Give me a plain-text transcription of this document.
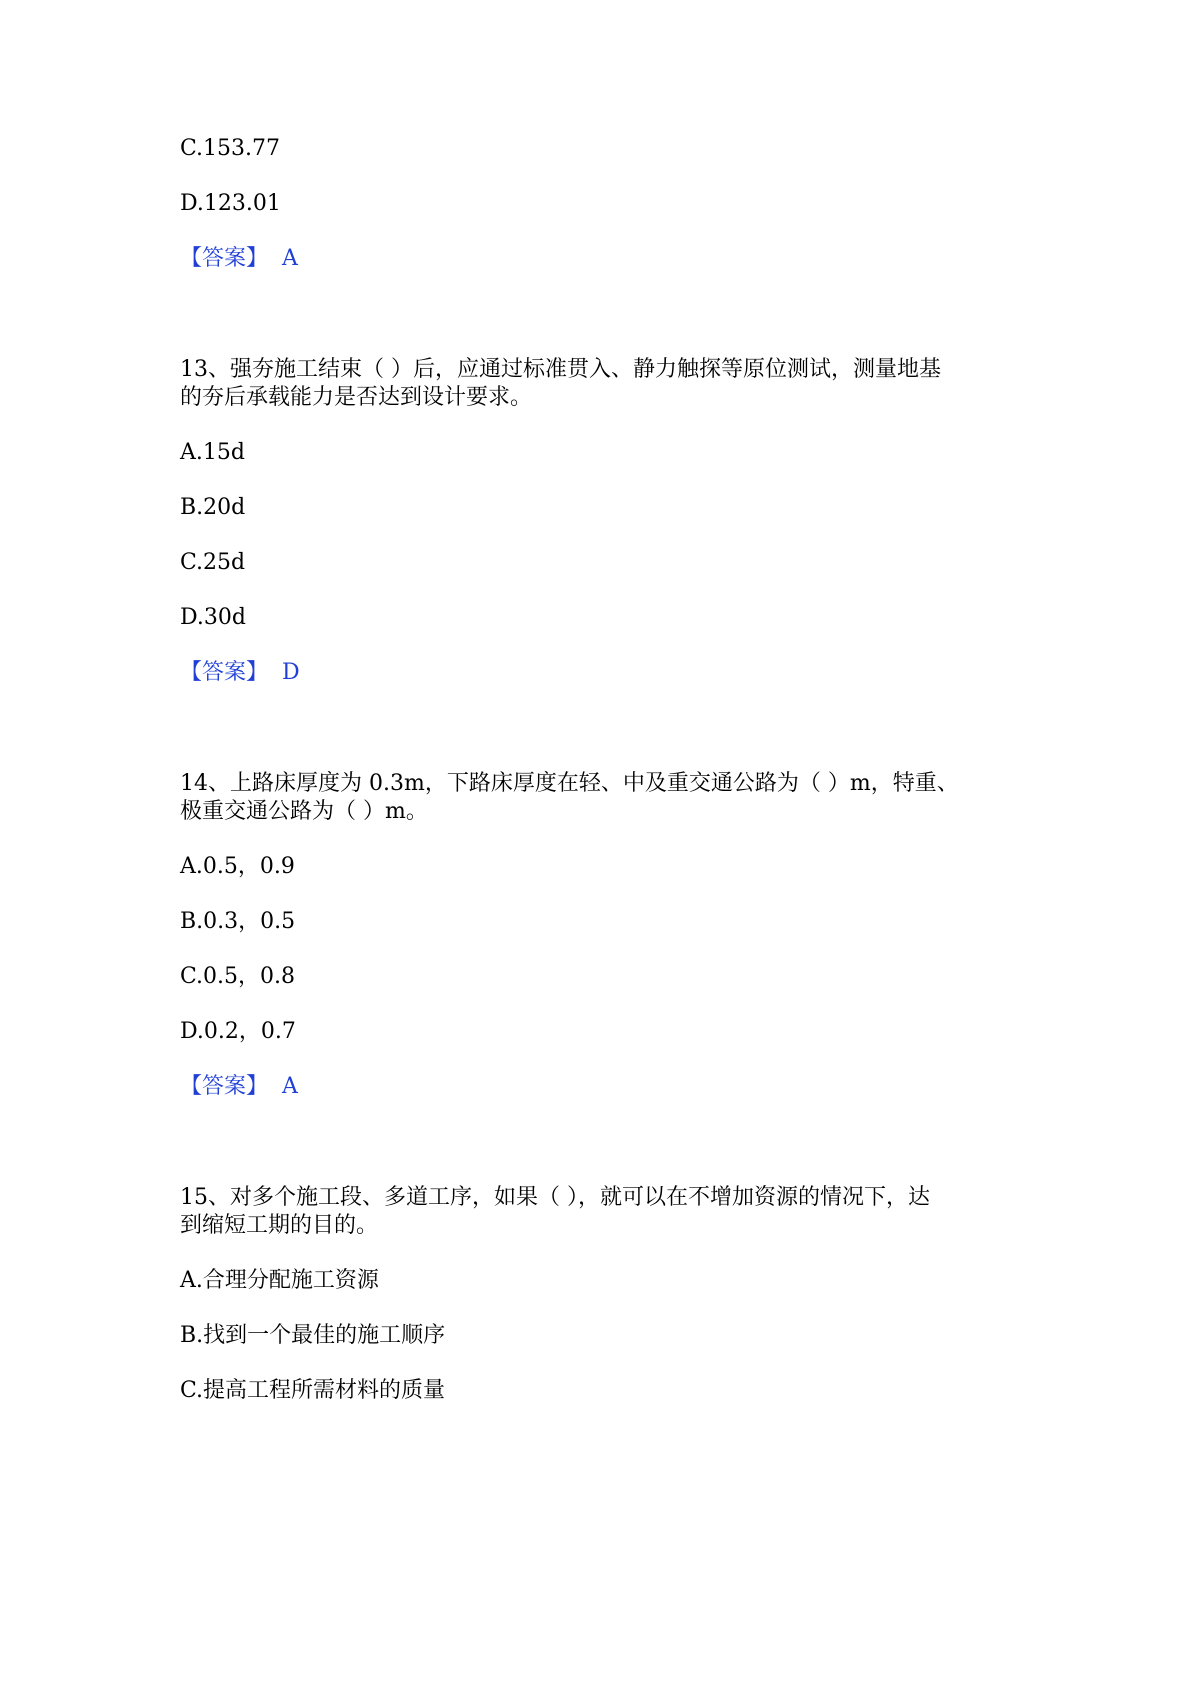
C.153.77
D.123.01
【答案】 A
13、强夯施工结束（ ）后，应通过标准贯入、静力触探等原位测试，测量地基
的夯后承载能力是否达到设计要求。
A.15d
B.20d
C.25d
D.30d
【答案】 D
14、上路床厚度为 0.3m，下路床厚度在轻、中及重交通公路为（ ）m，特重、
极重交通公路为（ ）m。
A.0.5，0.9
B.0.3，0.5
C.0.5，0.8
D.0.2，0.7
【答案】 A
15、对多个施工段、多道工序，如果（ ），就可以在不增加资源的情况下，达
到缩短工期的目的。
A.合理分配施工资源
B.找到一个最佳的施工顺序
C.提高工程所需材料的质量
